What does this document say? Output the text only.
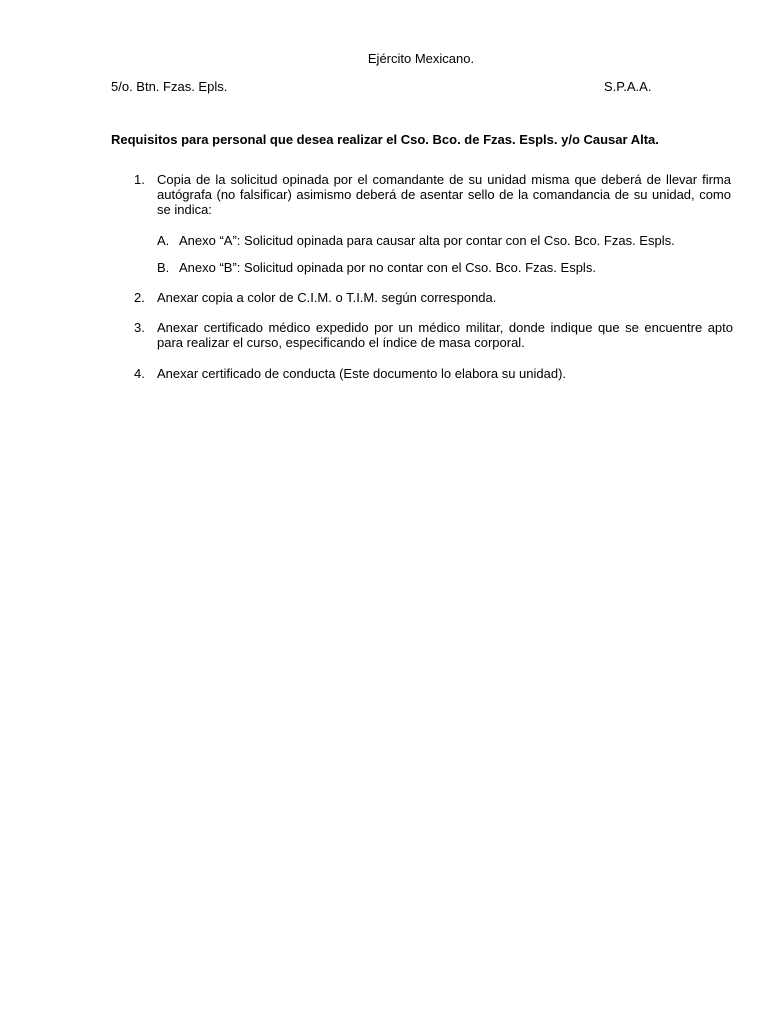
Ejército Mexicano.
5/o. Btn. Fzas. Epls.	S.P.A.A.
Requisitos para personal que desea realizar el Cso. Bco. de Fzas. Espls. y/o Causar Alta.
1. Copia de la solicitud opinada por el comandante de su unidad misma que deberá de llevar firma autógrafa (no falsificar) asimismo deberá de asentar sello de la comandancia de su unidad, como se indica:
A. Anexo “A”: Solicitud opinada para causar alta por contar con el Cso. Bco. Fzas. Espls.
B. Anexo “B”: Solicitud opinada por no contar con el Cso. Bco. Fzas. Espls.
2. Anexar copia a color de C.I.M. o T.I.M. según corresponda.
3. Anexar certificado médico expedido por un médico militar, donde indique que se encuentre apto para realizar el curso, especificando el índice de masa corporal.
4. Anexar certificado de conducta (Este documento lo elabora su unidad).
